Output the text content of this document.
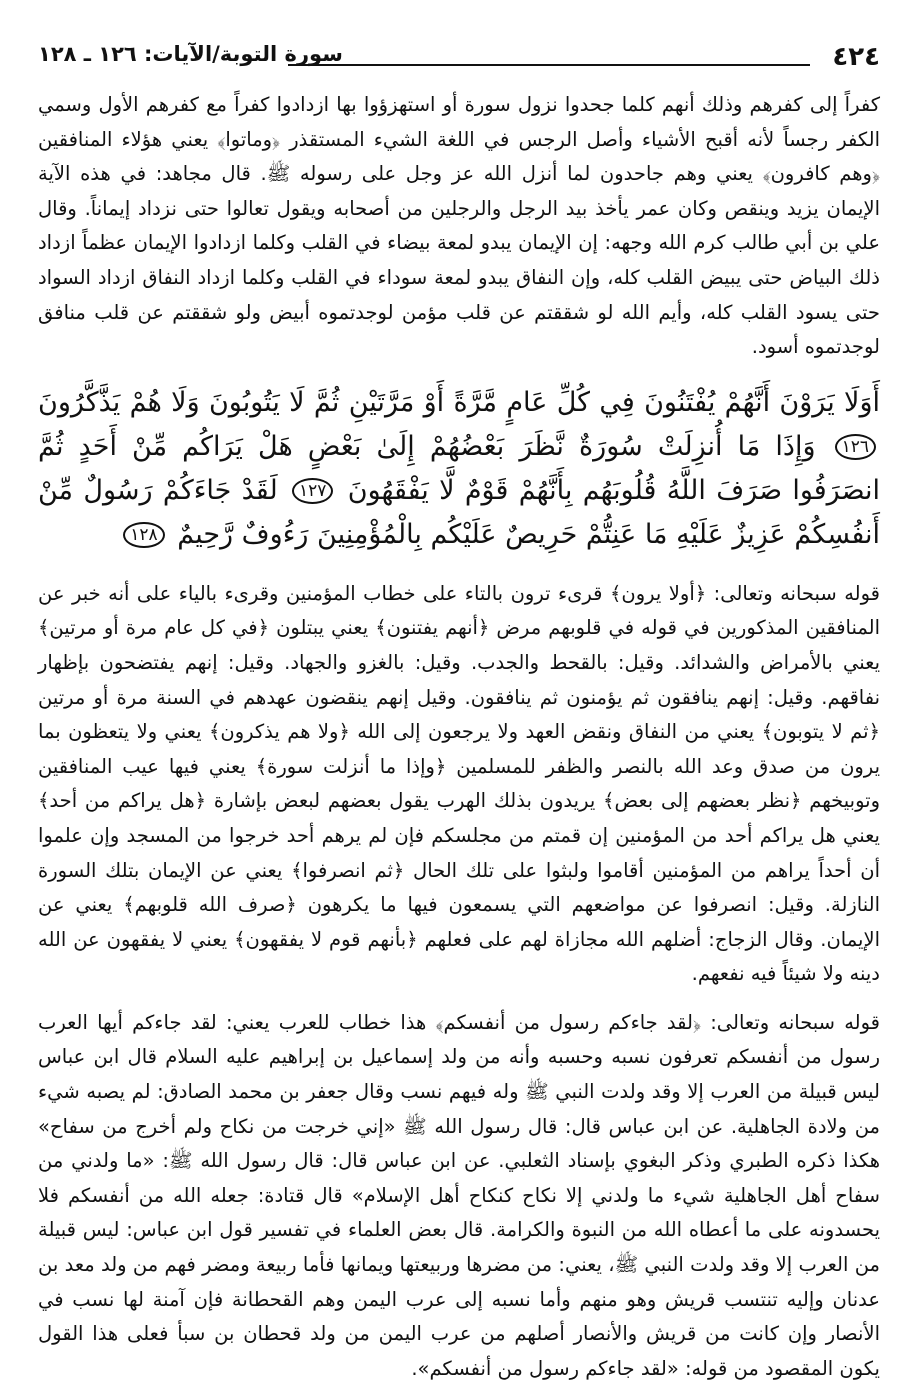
٤٢٤
سورة التوبة/الآيات: ١٢٦ ـ ١٢٨

كفراً إلى كفرهم وذلك أنهم كلما جحدوا نزول سورة أو استهزؤوا بها ازدادوا كفراً مع كفرهم الأول وسمي الكفر رجساً لأنه أقبح الأشياء وأصل الرجس في اللغة الشيء المستقذر ﴿وماتوا﴾ يعني هؤلاء المنافقين ﴿وهم كافرون﴾ يعني وهم جاحدون لما أنزل الله عز وجل على رسوله ﷺ. قال مجاهد: في هذه الآية الإيمان يزيد وينقص وكان عمر يأخذ بيد الرجل والرجلين من أصحابه ويقول تعالوا حتى نزداد إيماناً. وقال علي بن أبي طالب كرم الله وجهه: إن الإيمان يبدو لمعة بيضاء في القلب وكلما ازدادوا الإيمان عظماً ازداد ذلك البياض حتى يبيض القلب كله، وإن النفاق يبدو لمعة سوداء في القلب وكلما ازداد النفاق ازداد السواد حتى يسود القلب كله، وأيم الله لو شققتم عن قلب مؤمن لوجدتموه أبيض ولو شققتم عن قلب منافق لوجدتموه أسود.

أَوَلَا يَرَوْنَ أَنَّهُمْ يُفْتَنُونَ فِي كُلِّ عَامٍ مَّرَّةً أَوْ مَرَّتَيْنِ ثُمَّ لَا يَتُوبُونَ وَلَا هُمْ يَذَّكَّرُونَ ١٢٦ وَإِذَا مَا أُنزِلَتْ سُورَةٌ نَّظَرَ بَعْضُهُمْ إِلَىٰ بَعْضٍ هَلْ يَرَاكُم مِّنْ أَحَدٍ ثُمَّ انصَرَفُوا صَرَفَ اللَّهُ قُلُوبَهُم بِأَنَّهُمْ قَوْمٌ لَّا يَفْقَهُونَ ١٢٧ لَقَدْ جَاءَكُمْ رَسُولٌ مِّنْ أَنفُسِكُمْ عَزِيزٌ عَلَيْهِ مَا عَنِتُّمْ حَرِيصٌ عَلَيْكُم بِالْمُؤْمِنِينَ رَءُوفٌ رَّحِيمٌ ١٢٨

قوله سبحانه وتعالى: ﴿أولا يرون﴾ قرىء ترون بالتاء على خطاب المؤمنين وقرىء بالياء على أنه خبر عن المنافقين المذكورين في قوله في قلوبهم مرض ﴿أنهم يفتنون﴾ يعني يبتلون ﴿في كل عام مرة أو مرتين﴾ يعني بالأمراض والشدائد. وقيل: بالقحط والجدب. وقيل: بالغزو والجهاد. وقيل: إنهم يفتضحون بإظهار نفاقهم. وقيل: إنهم ينافقون ثم يؤمنون ثم ينافقون. وقيل إنهم ينقضون عهدهم في السنة مرة أو مرتين ﴿ثم لا يتوبون﴾ يعني من النفاق ونقض العهد ولا يرجعون إلى الله ﴿ولا هم يذكرون﴾ يعني ولا يتعظون بما يرون من صدق وعد الله بالنصر والظفر للمسلمين ﴿وإذا ما أنزلت سورة﴾ يعني فيها عيب المنافقين وتوبيخهم ﴿نظر بعضهم إلى بعض﴾ يريدون بذلك الهرب يقول بعضهم لبعض بإشارة ﴿هل يراكم من أحد﴾ يعني هل يراكم أحد من المؤمنين إن قمتم من مجلسكم فإن لم يرهم أحد خرجوا من المسجد وإن علموا أن أحداً يراهم من المؤمنين أقاموا ولبثوا على تلك الحال ﴿ثم انصرفوا﴾ يعني عن الإيمان بتلك السورة النازلة. وقيل: انصرفوا عن مواضعهم التي يسمعون فيها ما يكرهون ﴿صرف الله قلوبهم﴾ يعني عن الإيمان. وقال الزجاج: أضلهم الله مجازاة لهم على فعلهم ﴿بأنهم قوم لا يفقهون﴾ يعني لا يفقهون عن الله دينه ولا شيئاً فيه نفعهم.

قوله سبحانه وتعالى: ﴿لقد جاءكم رسول من أنفسكم﴾ هذا خطاب للعرب يعني: لقد جاءكم أيها العرب رسول من أنفسكم تعرفون نسبه وحسبه وأنه من ولد إسماعيل بن إبراهيم عليه السلام قال ابن عباس ليس قبيلة من العرب إلا وقد ولدت النبي ﷺ وله فيهم نسب وقال جعفر بن محمد الصادق: لم يصبه شيء من ولادة الجاهلية. عن ابن عباس قال: قال رسول الله ﷺ «إني خرجت من نكاح ولم أخرج من سفاح» هكذا ذكره الطبري وذكر البغوي بإسناد الثعلبي. عن ابن عباس قال: قال رسول الله ﷺ: «ما ولدني من سفاح أهل الجاهلية شيء ما ولدني إلا نكاح كنكاح أهل الإسلام» قال قتادة: جعله الله من أنفسكم فلا يحسدونه على ما أعطاه الله من النبوة والكرامة. قال بعض العلماء في تفسير قول ابن عباس: ليس قبيلة من العرب إلا وقد ولدت النبي ﷺ، يعني: من مضرها وربيعتها ويمانها فأما ربيعة ومضر فهم من ولد معد بن عدنان وإليه تنتسب قريش وهو منهم وأما نسبه إلى عرب اليمن وهم القحطانة فإن آمنة لها نسب في الأنصار وإن كانت من قريش والأنصار أصلهم من عرب اليمن من ولد قحطان بن سبأ فعلى هذا القول يكون المقصود من قوله: «لقد جاءكم رسول من أنفسكم».
